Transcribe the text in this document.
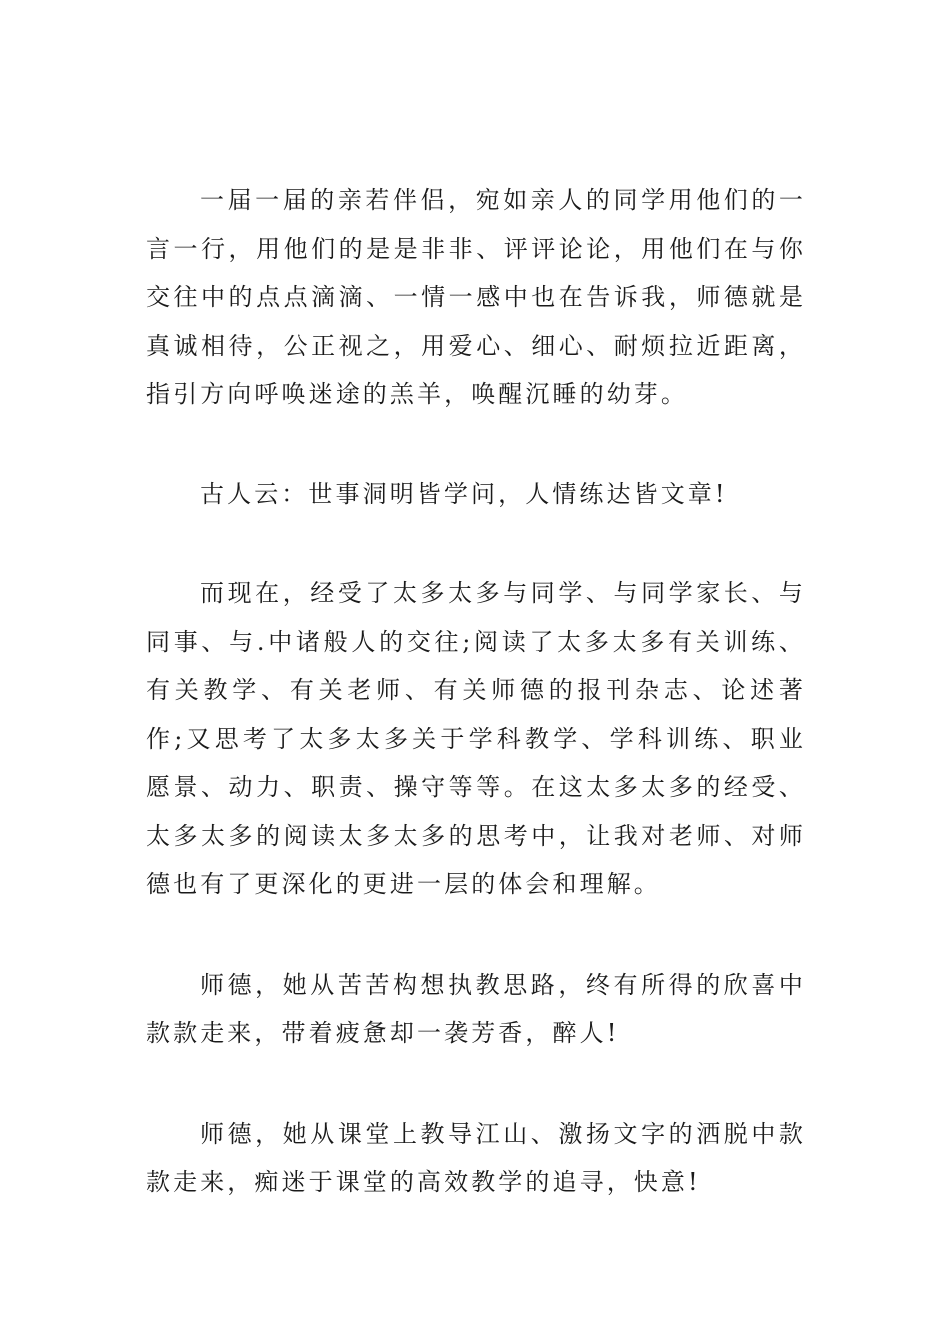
一届一届的亲若伴侣，宛如亲人的同学用他们的一言一行，用他们的是是非非、评评论论，用他们在与你交往中的点点滴滴、一情一感中也在告诉我，师德就是真诚相待，公正视之，用爱心、细心、耐烦拉近距离，指引方向呼唤迷途的羔羊，唤醒沉睡的幼芽。

古人云：世事洞明皆学问，人情练达皆文章!

而现在，经受了太多太多与同学、与同学家长、与同事、与.中诸般人的交往;阅读了太多太多有关训练、有关教学、有关老师、有关师德的报刊杂志、论述著作;又思考了太多太多关于学科教学、学科训练、职业愿景、动力、职责、操守等等。在这太多太多的经受、太多太多的阅读太多太多的思考中，让我对老师、对师德也有了更深化的更进一层的体会和理解。

师德，她从苦苦构想执教思路，终有所得的欣喜中款款走来，带着疲惫却一袭芳香，醉人!

师德，她从课堂上教导江山、激扬文字的洒脱中款款走来，痴迷于课堂的高效教学的追寻，快意!
